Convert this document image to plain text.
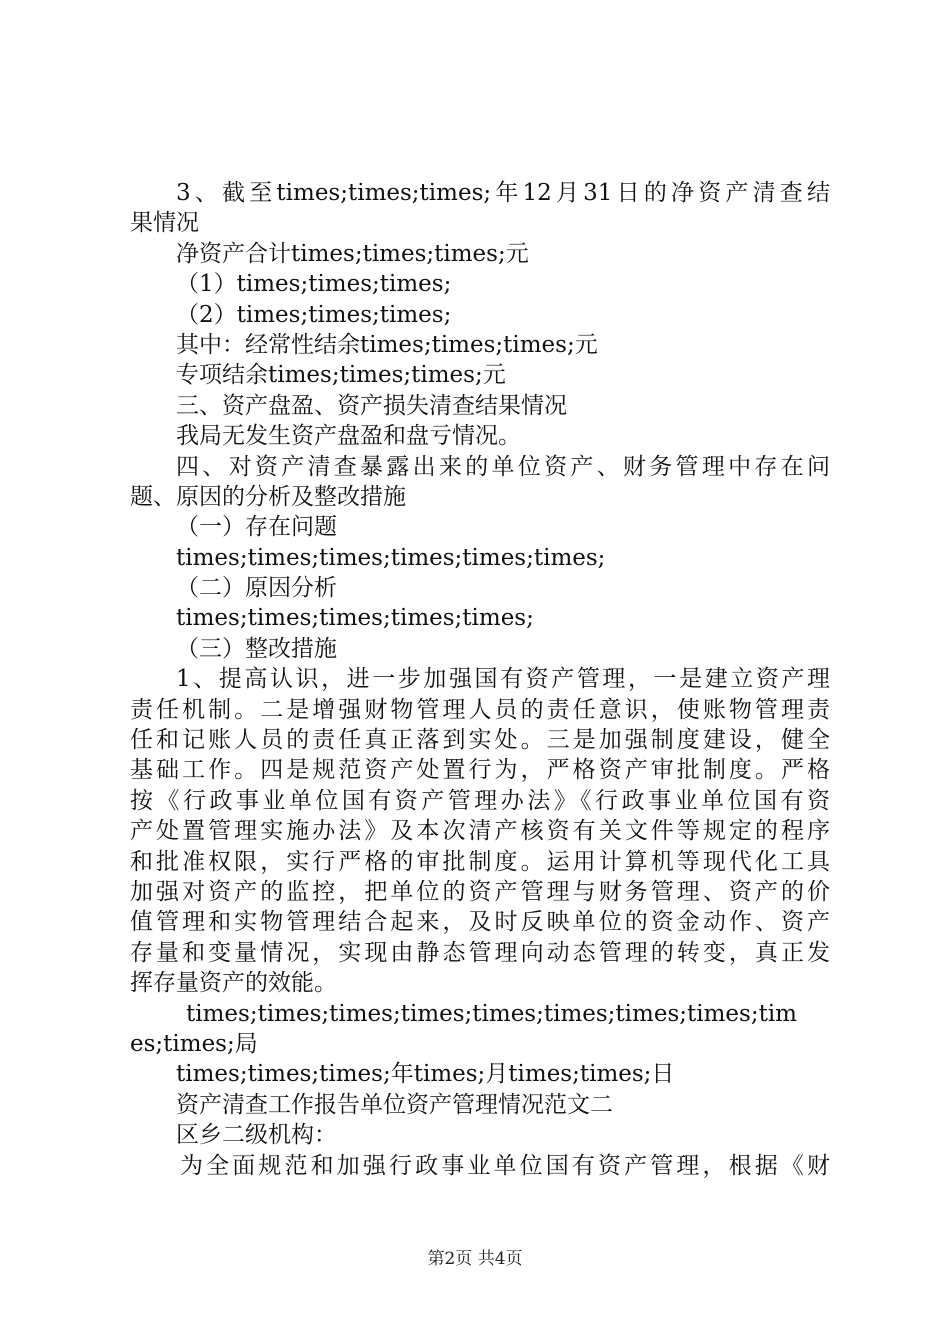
3、截至times;times;times;年12月31日的净资产清查结
果情况
净资产合计times;times;times;元
（1）times;times;times;
（2）times;times;times;
其中：经常性结余times;times;times;元
专项结余times;times;times;元
三、资产盘盈、资产损失清查结果情况
我局无发生资产盘盈和盘亏情况。
四、对资产清查暴露出来的单位资产、财务管理中存在问
题、原因的分析及整改措施
（一）存在问题
times;times;times;times;times;times;
（二）原因分析
times;times;times;times;times;
（三）整改措施
1、提高认识，进一步加强国有资产管理，一是建立资产理
责任机制。二是增强财物管理人员的责任意识，使账物管理责
任和记账人员的责任真正落到实处。三是加强制度建设，健全
基础工作。四是规范资产处置行为，严格资产审批制度。严格
按《行政事业单位国有资产管理办法》《行政事业单位国有资
产处置管理实施办法》及本次清产核资有关文件等规定的程序
和批准权限，实行严格的审批制度。运用计算机等现代化工具
加强对资产的监控，把单位的资产管理与财务管理、资产的价
值管理和实物管理结合起来，及时反映单位的资金动作、资产
存量和变量情况，实现由静态管理向动态管理的转变，真正发
挥存量资产的效能。
times;times;times;times;times;times;times;times;tim
es;times;局
times;times;times;年times;月times;times;日
资产清查工作报告单位资产管理情况范文二
区乡二级机构：
为全面规范和加强行政事业单位国有资产管理，根据《财
第2页 共4页
